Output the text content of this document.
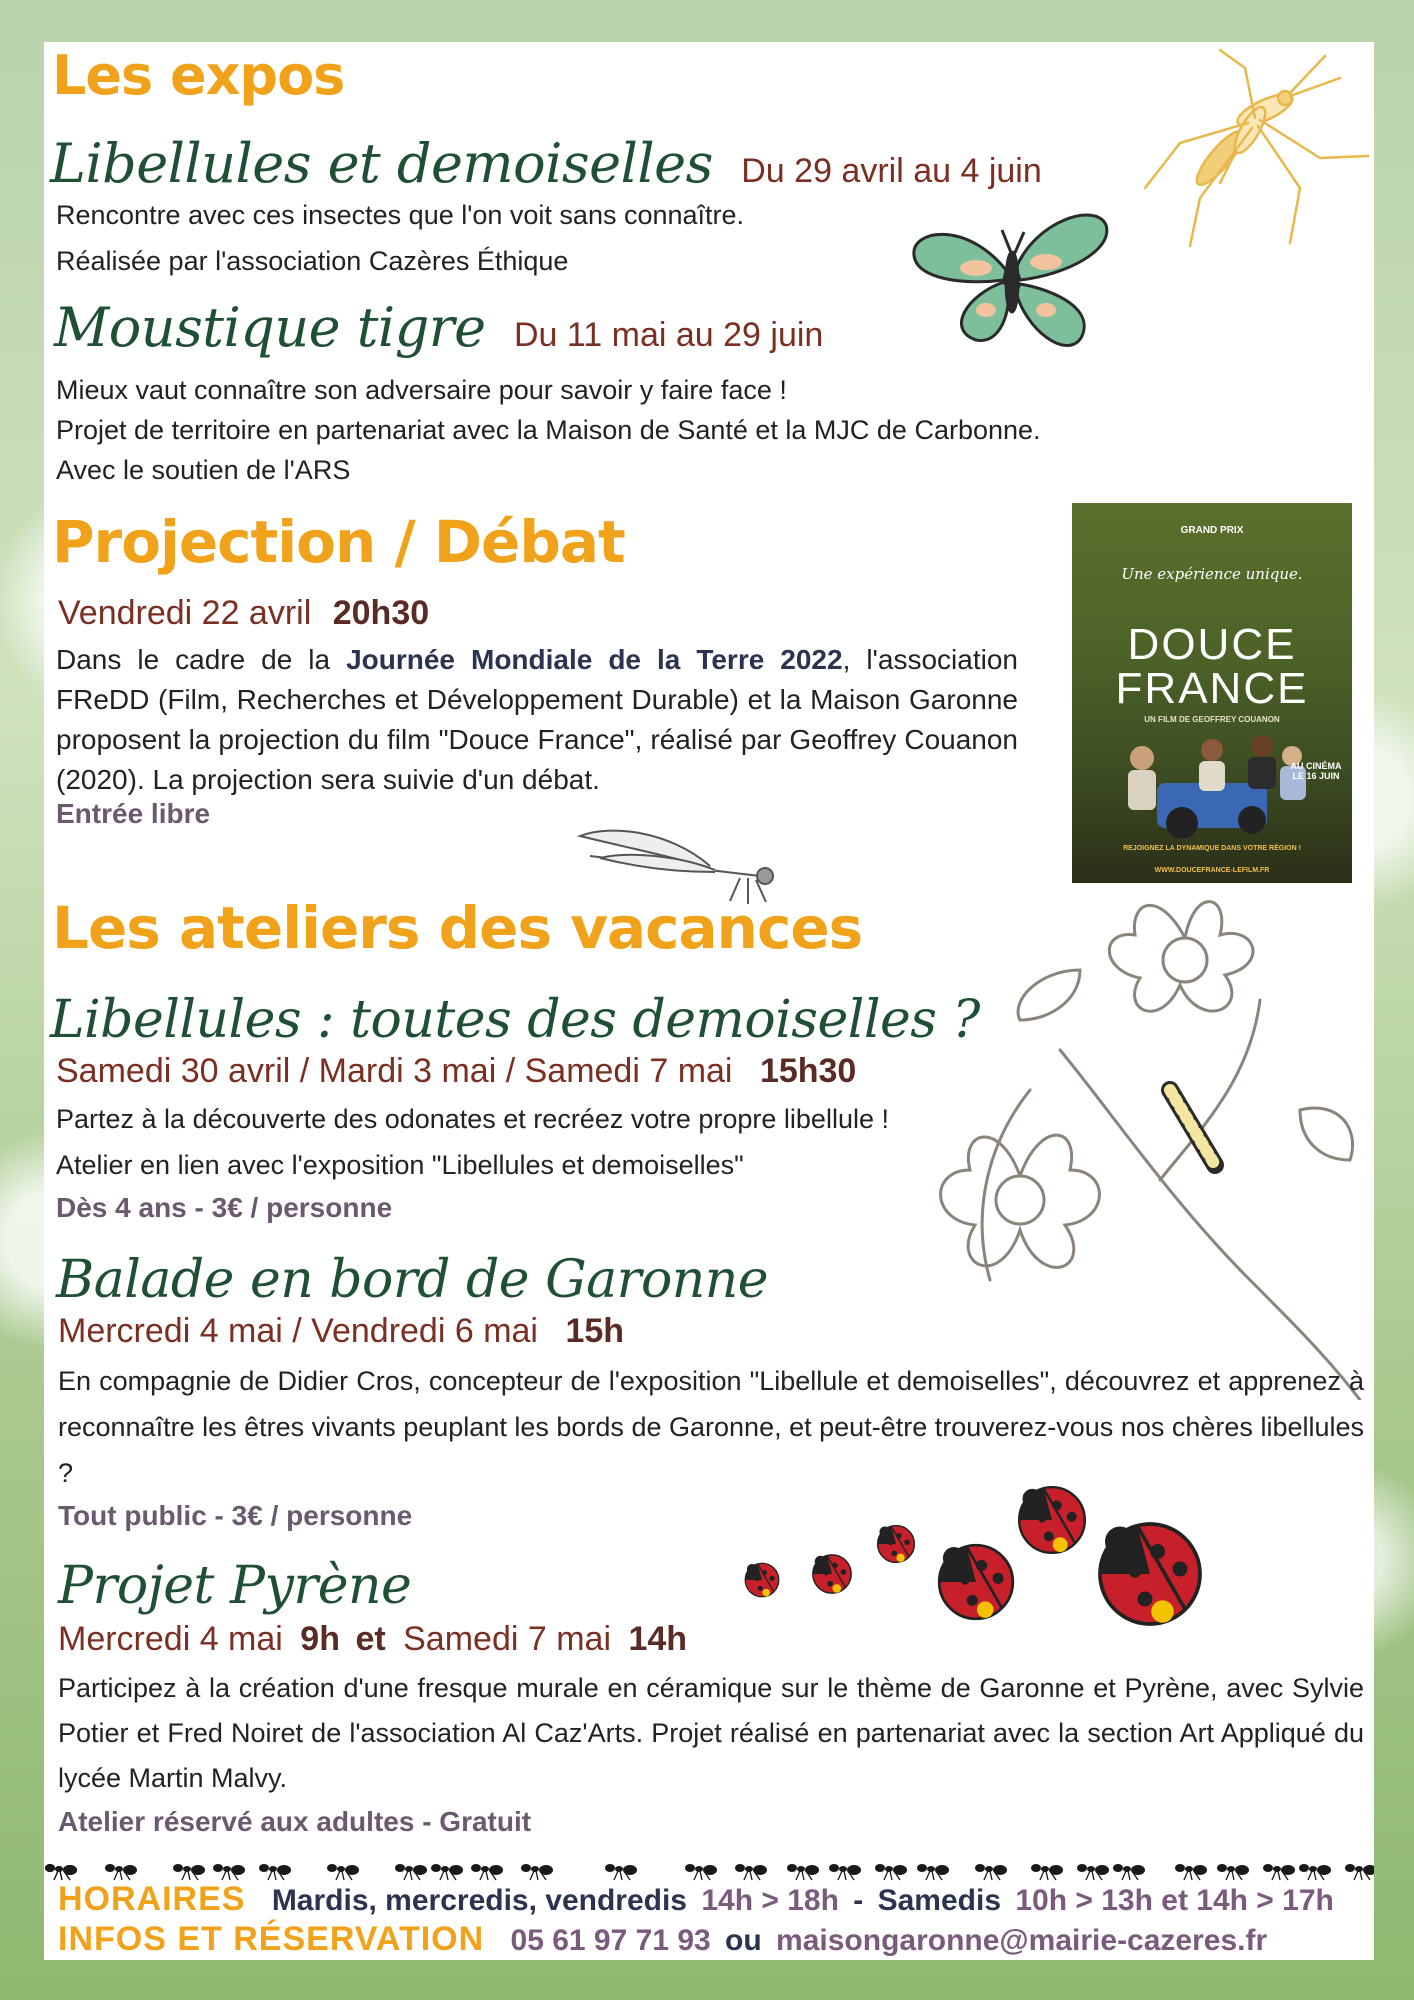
Les expos
Libellules et demoiselles Du 29 avril au 4 juin
Rencontre avec ces insectes que l'on voit sans connaître.
Réalisée par l'association Cazères Éthique
Moustique tigre Du 11 mai au 29 juin
Mieux vaut connaître son adversaire pour savoir y faire face !
Projet de territoire en partenariat avec la Maison de Santé et la MJC de Carbonne.
Avec le soutien de l'ARS
Projection / Débat
Vendredi 22 avril 20h30
Dans le cadre de la Journée Mondiale de la Terre 2022, l'association FReDD (Film, Recherches et Développement Durable) et la Maison Garonne proposent la projection du film "Douce France", réalisé par Geoffrey Couanon (2020). La projection sera suivie d'un débat.
Entrée libre
GRAND PRIX
Une expérience unique.
DOUCE
FRANCE
UN FILM DE GEOFFREY COUANON
AU CINÉMA LE 16 JUIN
REJOIGNEZ LA DYNAMIQUE DANS VOTRE RÉGION !
WWW.DOUCEFRANCE-LEFILM.FR
Les ateliers des vacances
Libellules : toutes des demoiselles ?
Samedi 30 avril / Mardi 3 mai / Samedi 7 mai 15h30
Partez à la découverte des odonates et recréez votre propre libellule !
Atelier en lien avec l'exposition "Libellules et demoiselles"
Dès 4 ans - 3€ / personne
Balade en bord de Garonne
Mercredi 4 mai / Vendredi 6 mai 15h
En compagnie de Didier Cros, concepteur de l'exposition "Libellule et demoiselles", découvrez et apprenez à reconnaître les êtres vivants peuplant les bords de Garonne, et peut-être trouverez-vous nos chères libellules ?
Tout public - 3€ / personne
Projet Pyrène
Mercredi 4 mai 9h et Samedi 7 mai 14h
Participez à la création d'une fresque murale en céramique sur le thème de Garonne et Pyrène, avec Sylvie Potier et Fred Noiret de l'association Al Caz'Arts. Projet réalisé en partenariat avec la section Art Appliqué du lycée Martin Malvy.
Atelier réservé aux adultes - Gratuit
HORAIRES Mardis, mercredis, vendredis 14h > 18h - Samedis 10h > 13h et 14h > 17h
INFOS ET RÉSERVATION 05 61 97 71 93 ou maisongaronne@mairie-cazeres.fr
